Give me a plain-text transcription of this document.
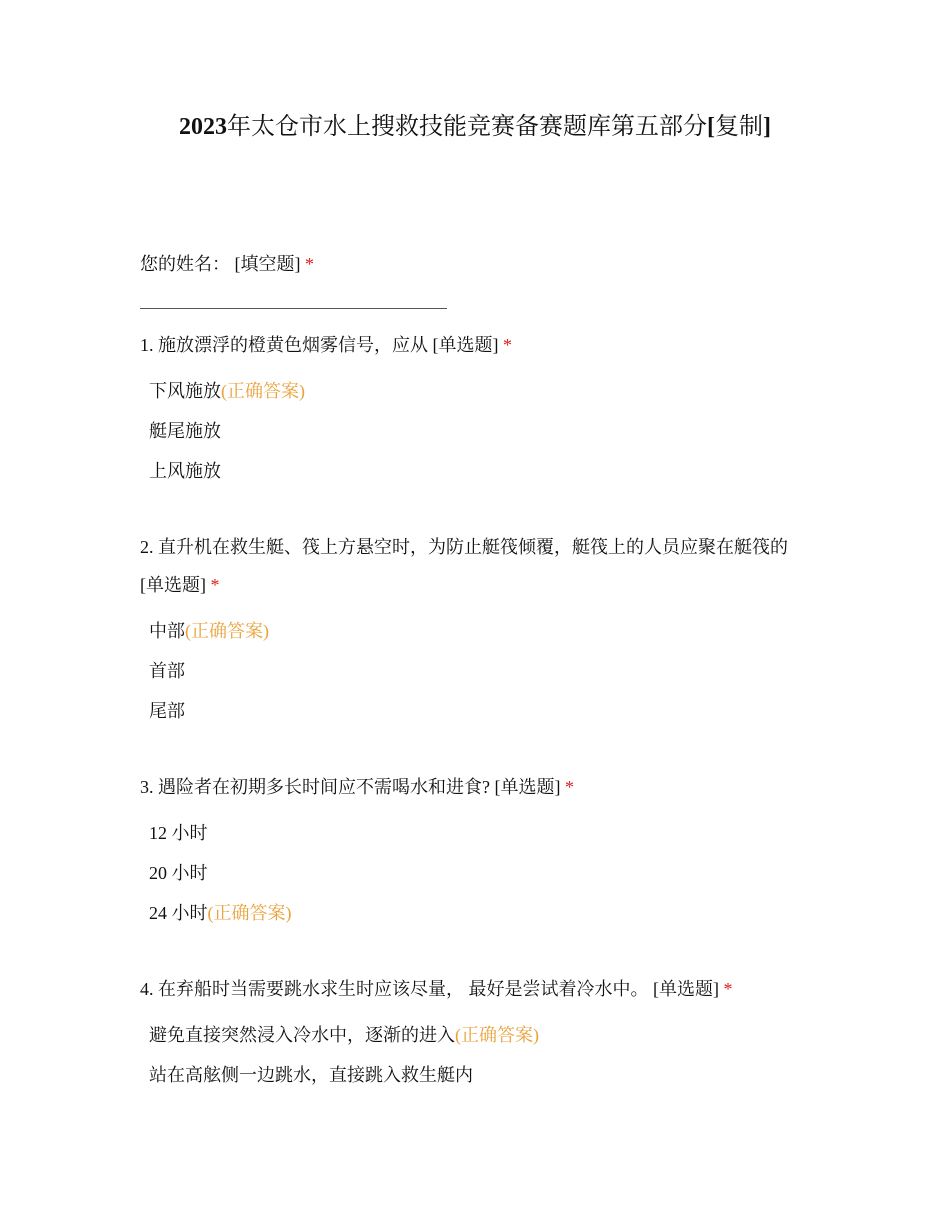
2023年太仓市水上搜救技能竞赛备赛题库第五部分[复制]
您的姓名： [填空题] *
1. 施放漂浮的橙黄色烟雾信号，应从 [单选题] *
下风施放(正确答案)
艇尾施放
上风施放
2. 直升机在救生艇、筏上方悬空时，为防止艇筏倾覆，艇筏上的人员应聚在艇筏的
[单选题] *
中部(正确答案)
首部
尾部
3. 遇险者在初期多长时间应不需喝水和进食? [单选题] *
12 小时
20 小时
24 小时(正确答案)
4. 在弃船时当需要跳水求生时应该尽量， 最好是尝试着冷水中。 [单选题] *
避免直接突然浸入冷水中，逐渐的进入(正确答案)
站在高舷侧一边跳水，直接跳入救生艇内
